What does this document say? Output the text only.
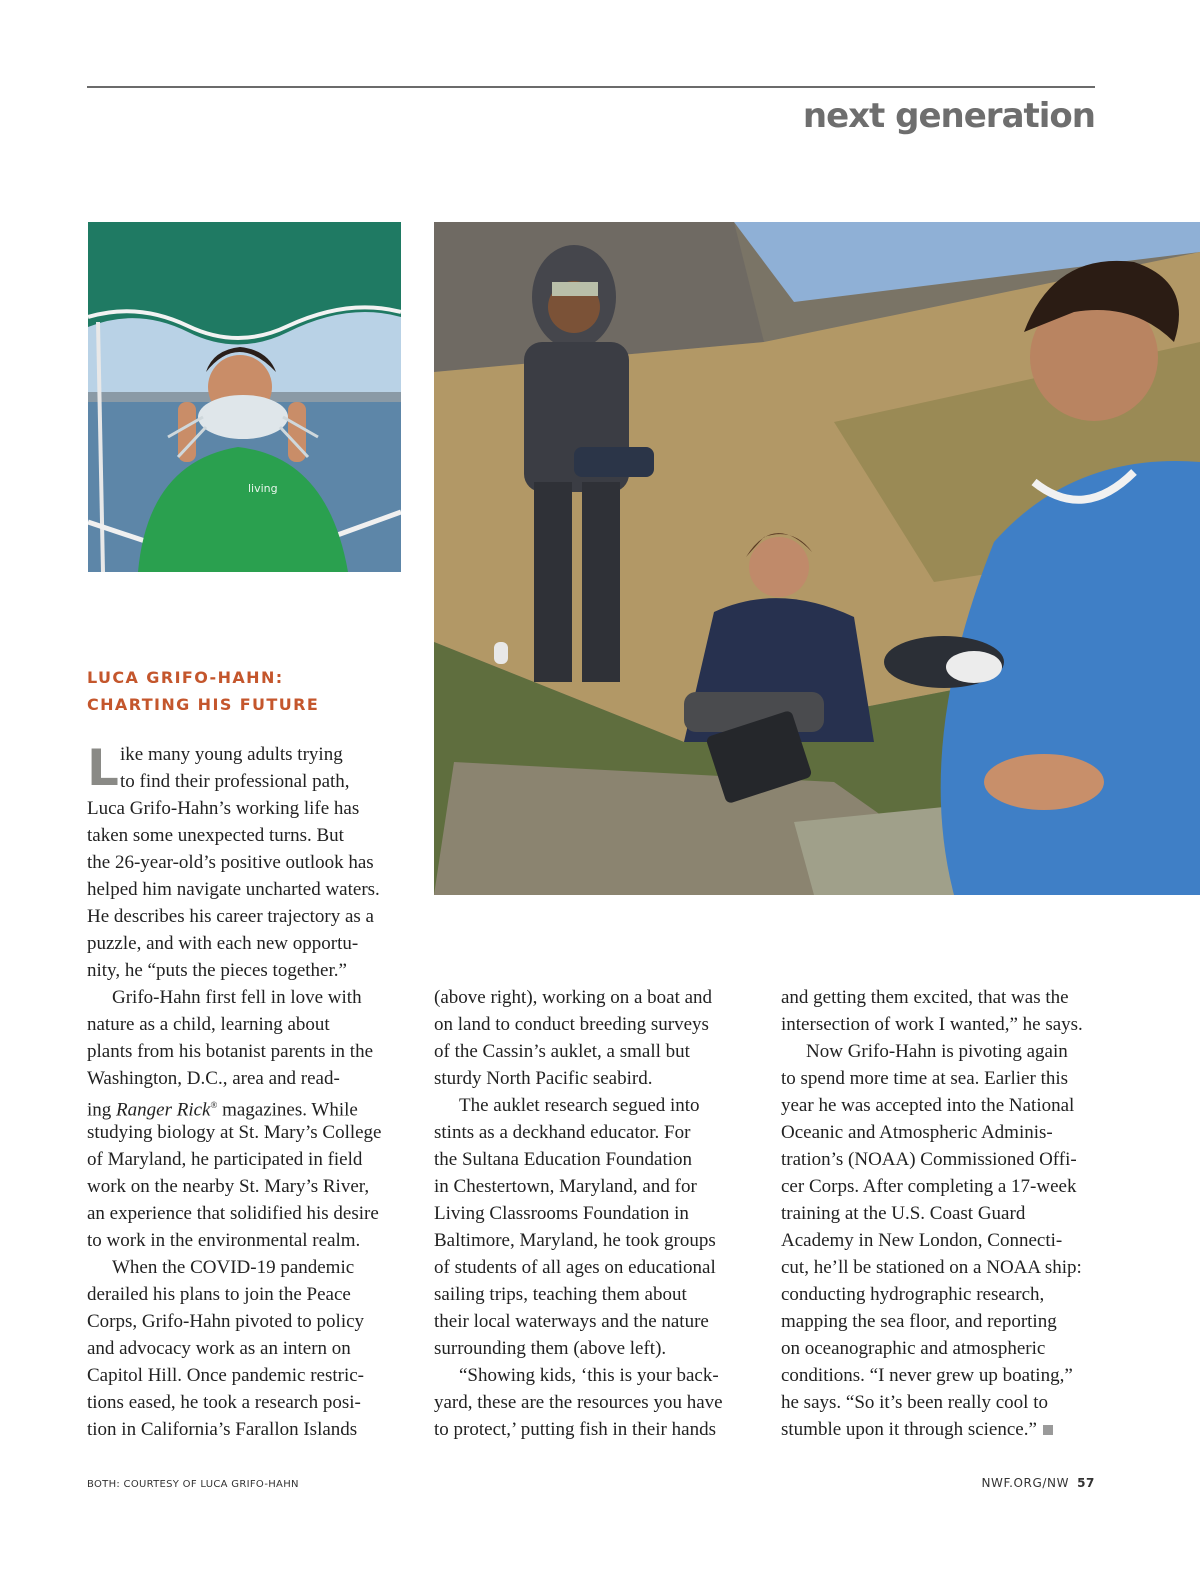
next generation
living
LUCA GRIFO-HAHN:
CHARTING HIS FUTURE
L ike many young adults trying
to find their professional path,
Luca Grifo-Hahn’s working life has
taken some unexpected turns. But
the 26-year-old’s positive outlook has
helped him navigate uncharted waters.
He describes his career trajectory as a
puzzle, and with each new opportu-
nity, he “puts the pieces together.”
Grifo-Hahn first fell in love with
nature as a child, learning about
plants from his botanist parents in the
Washington, D.C., area and read-
ing Ranger Rick® magazines. While
studying biology at St. Mary’s College
of Maryland, he participated in field
work on the nearby St. Mary’s River,
an experience that solidified his desire
to work in the environmental realm.
When the COVID-19 pandemic
derailed his plans to join the Peace
Corps, Grifo-Hahn pivoted to policy
and advocacy work as an intern on
Capitol Hill. Once pandemic restric-
tions eased, he took a research posi-
tion in California’s Farallon Islands
(above right), working on a boat and
on land to conduct breeding surveys
of the Cassin’s auklet, a small but
sturdy North Pacific seabird.
The auklet research segued into
stints as a deckhand educator. For
the Sultana Education Foundation
in Chestertown, Maryland, and for
Living Classrooms Foundation in
Baltimore, Maryland, he took groups
of students of all ages on educational
sailing trips, teaching them about
their local waterways and the nature
surrounding them (above left).
“Showing kids, ‘this is your back-
yard, these are the resources you have
to protect,’ putting fish in their hands
and getting them excited, that was the
intersection of work I wanted,” he says.
Now Grifo-Hahn is pivoting again
to spend more time at sea. Earlier this
year he was accepted into the National
Oceanic and Atmospheric Adminis-
tration’s (NOAA) Commissioned Offi-
cer Corps. After completing a 17-week
training at the U.S. Coast Guard
Academy in New London, Connecti-
cut, he’ll be stationed on a NOAA ship:
conducting hydrographic research,
mapping the sea floor, and reporting
on oceanographic and atmospheric
conditions. “I never grew up boating,”
he says. “So it’s been really cool to
stumble upon it through science.”
BOTH: COURTESY OF LUCA GRIFO-HAHN	NWF.ORG/NW 57
